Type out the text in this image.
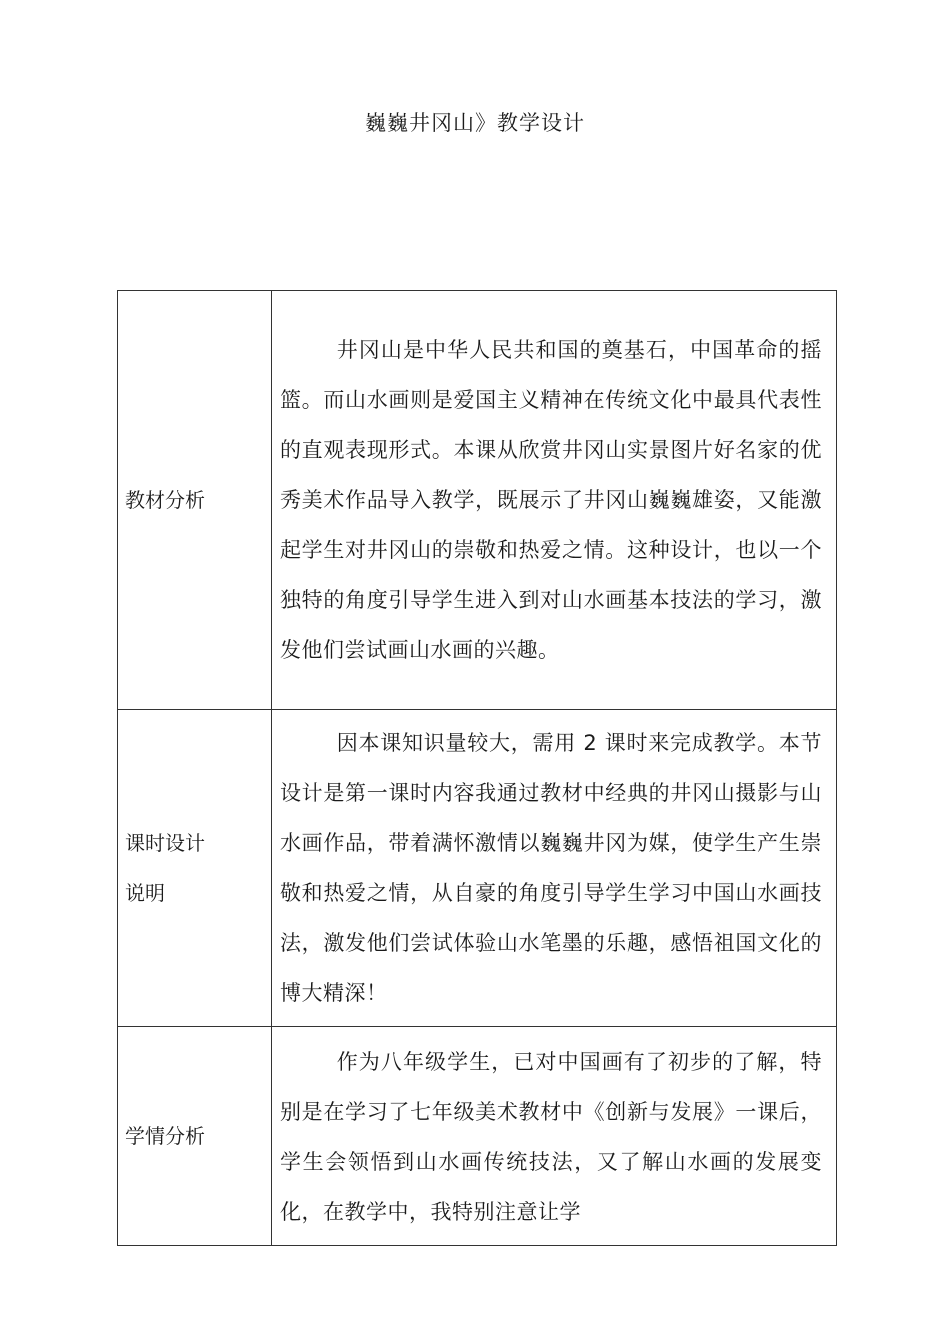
巍巍井冈山》教学设计
教材分析	井冈山是中华人民共和国的奠基石，中国革命的摇篮。而山水画则是爱国主义精神在传统文化中最具代表性的直观表现形式。本课从欣赏井冈山实景图片好名家的优秀美术作品导入教学，既展示了井冈山巍巍雄姿，又能激起学生对井冈山的崇敬和热爱之情。这种设计，也以一个独特的角度引导学生进入到对山水画基本技法的学习，激发他们尝试画山水画的兴趣。

课时设计
说明	因本课知识量较大，需用 2 课时来完成教学。本节设计是第一课时内容我通过教材中经典的井冈山摄影与山水画作品，带着满怀激情以巍巍井冈为媒，使学生产生崇敬和热爱之情，从自豪的角度引导学生学习中国山水画技法，激发他们尝试体验山水笔墨的乐趣，感悟祖国文化的博大精深！

学情分析	作为八年级学生，已对中国画有了初步的了解，特别是在学习了七年级美术教材中《创新与发展》一课后，学生会领悟到山水画传统技法，又了解山水画的发展变化，在教学中，我特别注意让学
